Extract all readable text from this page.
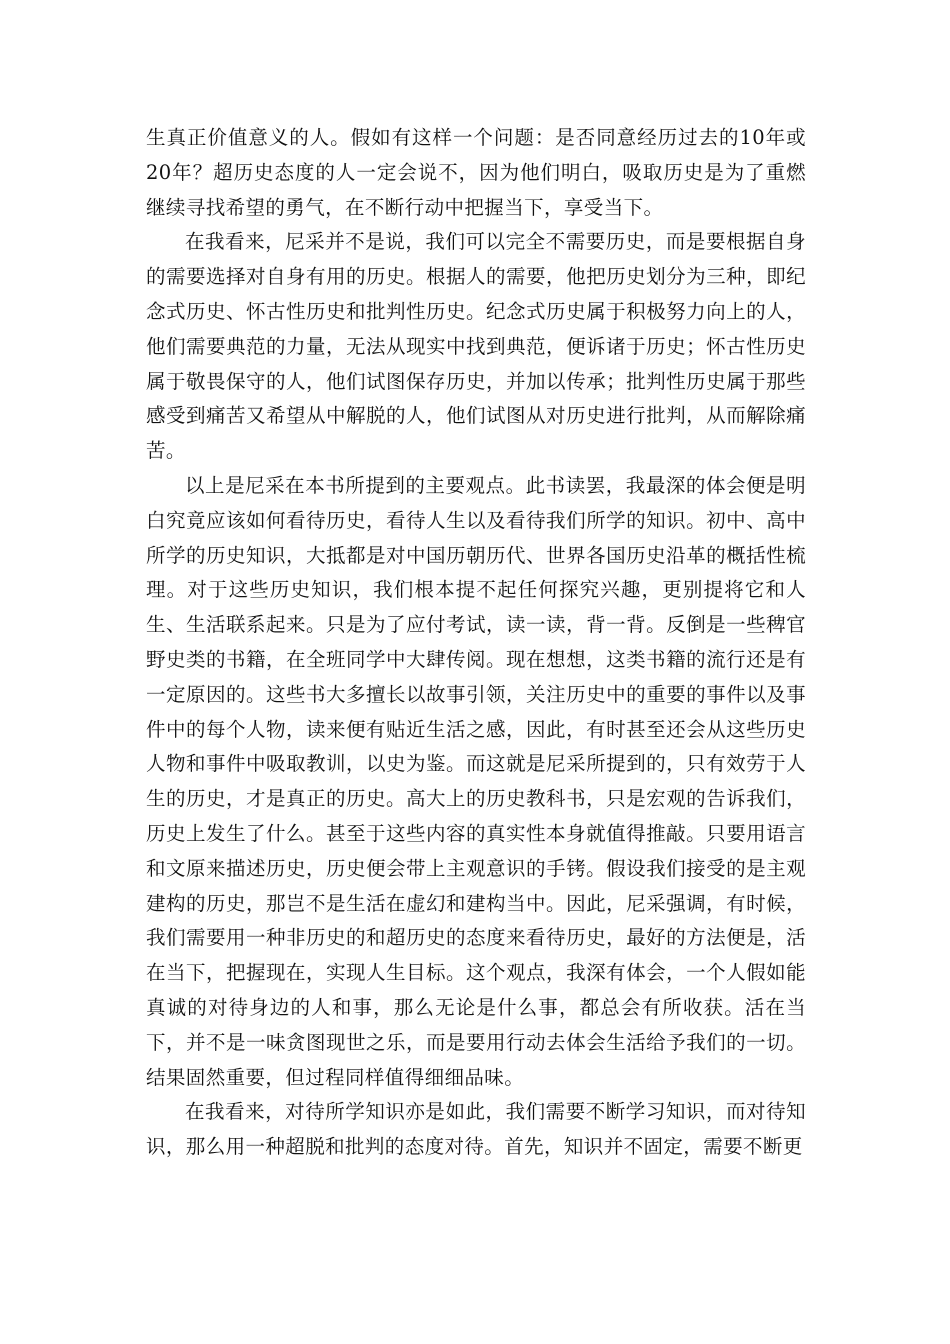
生真正价值意义的人。假如有这样一个问题：是否同意经历过去的10年或20年？超历史态度的人一定会说不，因为他们明白，吸取历史是为了重燃继续寻找希望的勇气，在不断行动中把握当下，享受当下。

在我看来，尼采并不是说，我们可以完全不需要历史，而是要根据自身的需要选择对自身有用的历史。根据人的需要，他把历史划分为三种，即纪念式历史、怀古性历史和批判性历史。纪念式历史属于积极努力向上的人，他们需要典范的力量，无法从现实中找到典范，便诉诸于历史；怀古性历史属于敬畏保守的人，他们试图保存历史，并加以传承；批判性历史属于那些感受到痛苦又希望从中解脱的人，他们试图从对历史进行批判，从而解除痛苦。

以上是尼采在本书所提到的主要观点。此书读罢，我最深的体会便是明白究竟应该如何看待历史，看待人生以及看待我们所学的知识。初中、高中所学的历史知识，大抵都是对中国历朝历代、世界各国历史沿革的概括性梳理。对于这些历史知识，我们根本提不起任何探究兴趣，更别提将它和人生、生活联系起来。只是为了应付考试，读一读，背一背。反倒是一些稗官野史类的书籍，在全班同学中大肆传阅。现在想想，这类书籍的流行还是有一定原因的。这些书大多擅长以故事引领，关注历史中的重要的事件以及事件中的每个人物，读来便有贴近生活之感，因此，有时甚至还会从这些历史人物和事件中吸取教训，以史为鉴。而这就是尼采所提到的，只有效劳于人生的历史，才是真正的历史。高大上的历史教科书，只是宏观的告诉我们，历史上发生了什么。甚至于这些内容的真实性本身就值得推敲。只要用语言和文原来描述历史，历史便会带上主观意识的手铐。假设我们接受的是主观建构的历史，那岂不是生活在虚幻和建构当中。因此，尼采强调，有时候，我们需要用一种非历史的和超历史的态度来看待历史，最好的方法便是，活在当下，把握现在，实现人生目标。这个观点，我深有体会，一个人假如能真诚的对待身边的人和事，那么无论是什么事，都总会有所收获。活在当下，并不是一味贪图现世之乐，而是要用行动去体会生活给予我们的一切。结果固然重要，但过程同样值得细细品味。

在我看来，对待所学知识亦是如此，我们需要不断学习知识，而对待知识，那么用一种超脱和批判的态度对待。首先，知识并不固定，需要不断更
